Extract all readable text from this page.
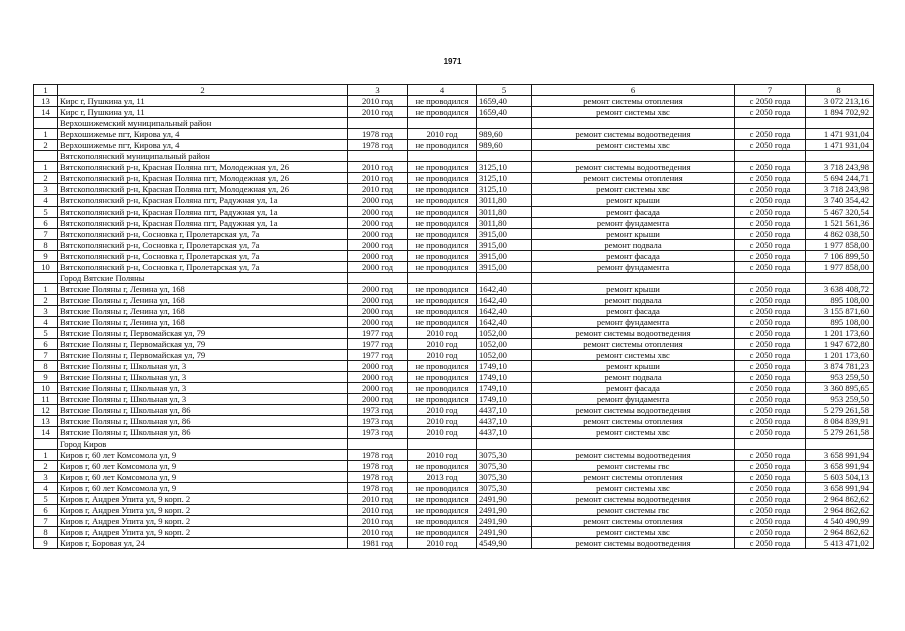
1971
1	2	3	4	5	6	7	8
13	Кирс г, Пушкина ул, 11	2010 год	не проводился	1659,40	ремонт системы отопления	с 2050 года	3 072 213,16
14	Кирс г, Пушкина ул, 11	2010 год	не проводился	1659,40	ремонт системы хвс	с 2050 года	1 894 702,92
	Верхошижемский муниципальный район						
1	Верхошижемье пгт, Кирова ул, 4	1978 год	2010 год	989,60	ремонт системы водоотведения	с 2050 года	1 471 931,04
2	Верхошижемье пгт, Кирова ул, 4	1978 год	не проводился	989,60	ремонт системы хвс	с 2050 года	1 471 931,04
	Вятскополянский муниципальный район						
1	Вятскополянский р-н, Красная Поляна пгт, Молодежная ул, 26	2010 год	не проводился	3125,10	ремонт системы водоотведения	с 2050 года	3 718 243,98
2	Вятскополянский р-н, Красная Поляна пгт, Молодежная ул, 26	2010 год	не проводился	3125,10	ремонт системы отопления	с 2050 года	5 694 244,71
3	Вятскополянский р-н, Красная Поляна пгт, Молодежная ул, 26	2010 год	не проводился	3125,10	ремонт системы хвс	с 2050 года	3 718 243,98
4	Вятскополянский р-н, Красная Поляна пгт, Радужная ул, 1а	2000 год	не проводился	3011,80	ремонт крыши	с 2050 года	3 740 354,42
5	Вятскополянский р-н, Красная Поляна пгт, Радужная ул, 1а	2000 год	не проводился	3011,80	ремонт фасада	с 2050 года	5 467 320,54
6	Вятскополянский р-н, Красная Поляна пгт, Радужная ул, 1а	2000 год	не проводился	3011,80	ремонт фундамента	с 2050 года	1 521 561,36
7	Вятскополянский р-н, Сосновка г, Пролетарская ул, 7а	2000 год	не проводился	3915,00	ремонт крыши	с 2050 года	4 862 038,50
8	Вятскополянский р-н, Сосновка г, Пролетарская ул, 7а	2000 год	не проводился	3915,00	ремонт подвала	с 2050 года	1 977 858,00
9	Вятскополянский р-н, Сосновка г, Пролетарская ул, 7а	2000 год	не проводился	3915,00	ремонт фасада	с 2050 года	7 106 899,50
10	Вятскополянский р-н, Сосновка г, Пролетарская ул, 7а	2000 год	не проводился	3915,00	ремонт фундамента	с 2050 года	1 977 858,00
	Город Вятские Поляны						
1	Вятские Поляны г, Ленина ул, 168	2000 год	не проводился	1642,40	ремонт крыши	с 2050 года	3 638 408,72
2	Вятские Поляны г, Ленина ул, 168	2000 год	не проводился	1642,40	ремонт подвала	с 2050 года	895 108,00
3	Вятские Поляны г, Ленина ул, 168	2000 год	не проводился	1642,40	ремонт фасада	с 2050 года	3 155 871,60
4	Вятские Поляны г, Ленина ул, 168	2000 год	не проводился	1642,40	ремонт фундамента	с 2050 года	895 108,00
5	Вятские Поляны г, Первомайская ул, 79	1977 год	2010 год	1052,00	ремонт системы водоотведения	с 2050 года	1 201 173,60
6	Вятские Поляны г, Первомайская ул, 79	1977 год	2010 год	1052,00	ремонт системы отопления	с 2050 года	1 947 672,80
7	Вятские Поляны г, Первомайская ул, 79	1977 год	2010 год	1052,00	ремонт системы хвс	с 2050 года	1 201 173,60
8	Вятские Поляны г, Школьная ул, 3	2000 год	не проводился	1749,10	ремонт крыши	с 2050 года	3 874 781,23
9	Вятские Поляны г, Школьная ул, 3	2000 год	не проводился	1749,10	ремонт подвала	с 2050 года	953 259,50
10	Вятские Поляны г, Школьная ул, 3	2000 год	не проводился	1749,10	ремонт фасада	с 2050 года	3 360 895,65
11	Вятские Поляны г, Школьная ул, 3	2000 год	не проводился	1749,10	ремонт фундамента	с 2050 года	953 259,50
12	Вятские Поляны г, Школьная ул, 86	1973 год	2010 год	4437,10	ремонт системы водоотведения	с 2050 года	5 279 261,58
13	Вятские Поляны г, Школьная ул, 86	1973 год	2010 год	4437,10	ремонт системы отопления	с 2050 года	8 084 839,91
14	Вятские Поляны г, Школьная ул, 86	1973 год	2010 год	4437,10	ремонт системы хвс	с 2050 года	5 279 261,58
	Город Киров						
1	Киров г, 60 лет Комсомола ул, 9	1978 год	2010 год	3075,30	ремонт системы водоотведения	с 2050 года	3 658 991,94
2	Киров г, 60 лет Комсомола ул, 9	1978 год	не проводился	3075,30	ремонт системы гвс	с 2050 года	3 658 991,94
3	Киров г, 60 лет Комсомола ул, 9	1978 год	2013 год	3075,30	ремонт системы отопления	с 2050 года	5 603 504,13
4	Киров г, 60 лет Комсомола ул, 9	1978 год	не проводился	3075,30	ремонт системы хвс	с 2050 года	3 658 991,94
5	Киров г, Андрея Упита ул, 9 корп. 2	2010 год	не проводился	2491,90	ремонт системы водоотведения	с 2050 года	2 964 862,62
6	Киров г, Андрея Упита ул, 9 корп. 2	2010 год	не проводился	2491,90	ремонт системы гвс	с 2050 года	2 964 862,62
7	Киров г, Андрея Упита ул, 9 корп. 2	2010 год	не проводился	2491,90	ремонт системы отопления	с 2050 года	4 540 490,99
8	Киров г, Андрея Упита ул, 9 корп. 2	2010 год	не проводился	2491,90	ремонт системы хвс	с 2050 года	2 964 862,62
9	Киров г, Боровая ул, 24	1981 год	2010 год	4549,90	ремонт системы водоотведения	с 2050 года	5 413 471,02
